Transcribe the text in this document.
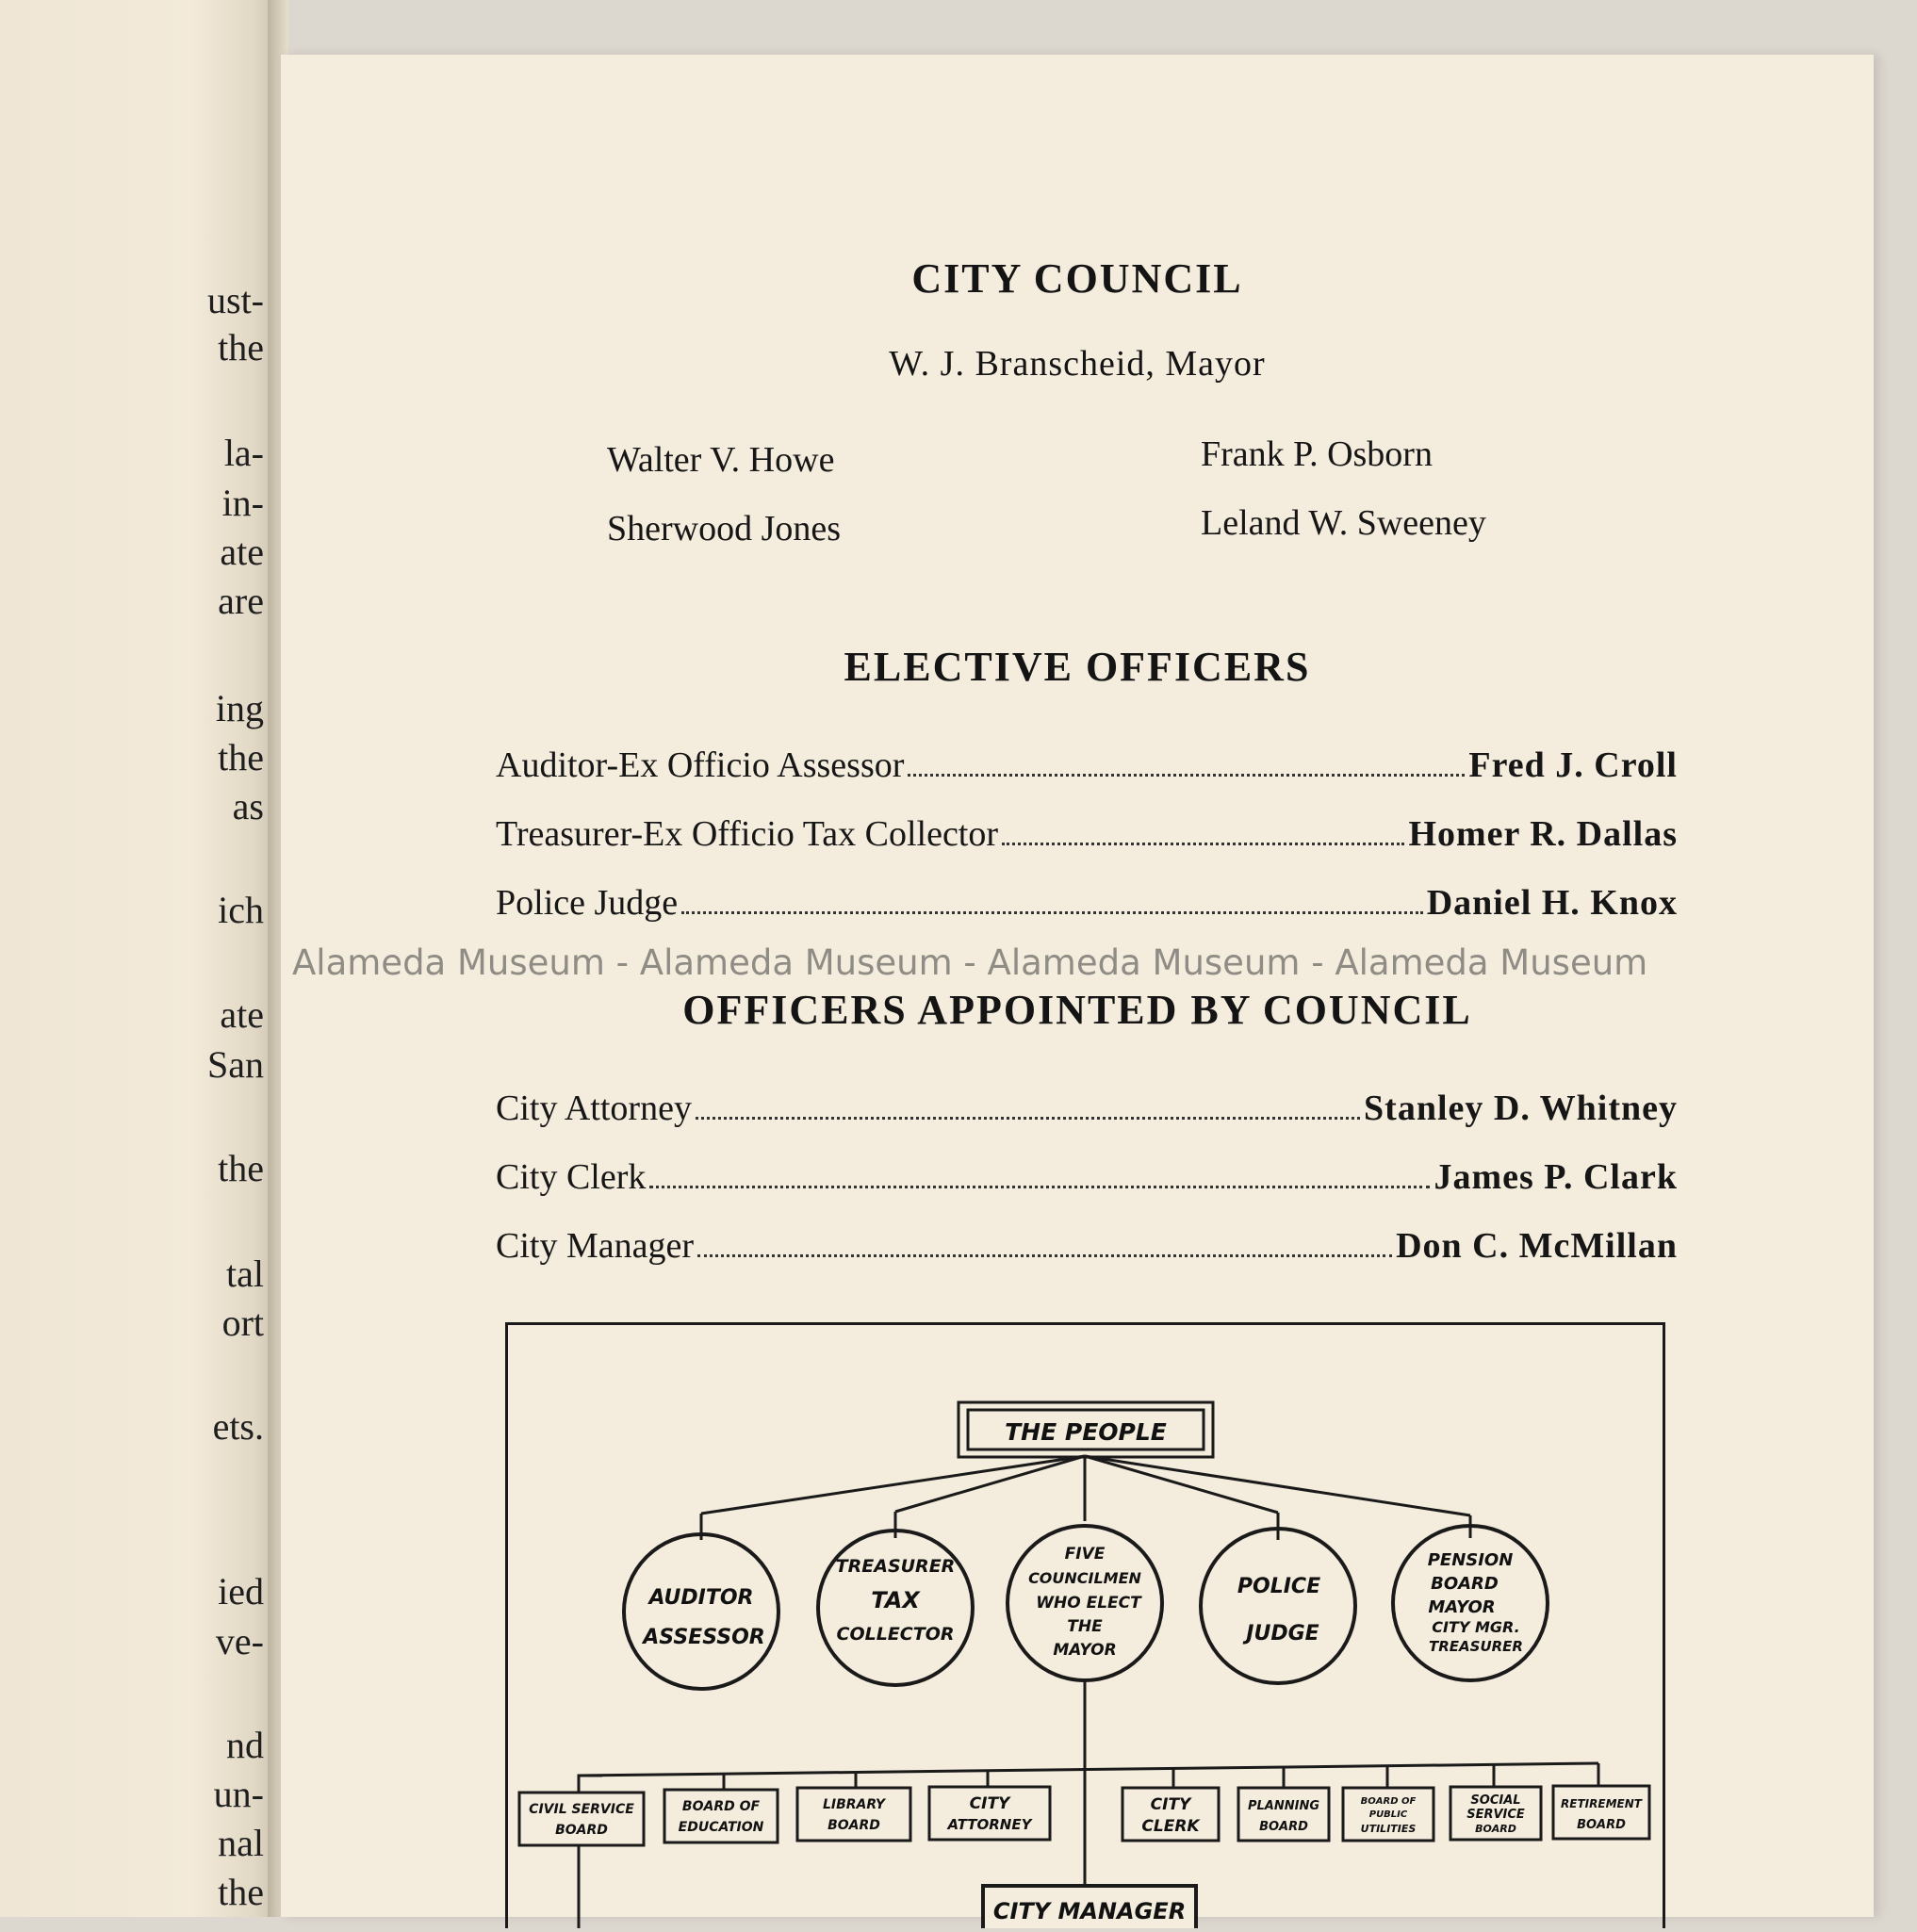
ust-
the
la-
in-
ate
are
ing
the
as
ich
ate
San
the
tal
ort
ets.
ied
ve-
nd
un-
nal
the
CITY COUNCIL
W. J. Branscheid, Mayor
Walter V. Howe
Sherwood Jones
Frank P. Osborn
Leland W. Sweeney
ELECTIVE OFFICERS
Auditor-Ex Officio Assessor	Fred J. Croll
Treasurer-Ex Officio Tax Collector	Homer R. Dallas
Police Judge	Daniel H. Knox
OFFICERS APPOINTED BY COUNCIL
City Attorney	Stanley D. Whitney
City Clerk	James P. Clark
City Manager	Don C. McMillan
THE PEOPLE
AUDITOR
ASSESSOR
TREASURER
TAX
COLLECTOR
FIVE
COUNCILMEN
WHO ELECT
THE
MAYOR
POLICE
JUDGE
PENSION
BOARD
MAYOR
CITY MGR.
TREASURER
CIVIL SERVICE
BOARD
BOARD OF
EDUCATION
LIBRARY
BOARD
CITY
ATTORNEY
CITY
CLERK
PLANNING
BOARD
BOARD OF
PUBLIC
UTILITIES
SOCIAL
SERVICE
BOARD
RETIREMENT
BOARD
CITY MANAGER
Alameda Museum - Alameda Museum - Alameda Museum - Alameda Museum
